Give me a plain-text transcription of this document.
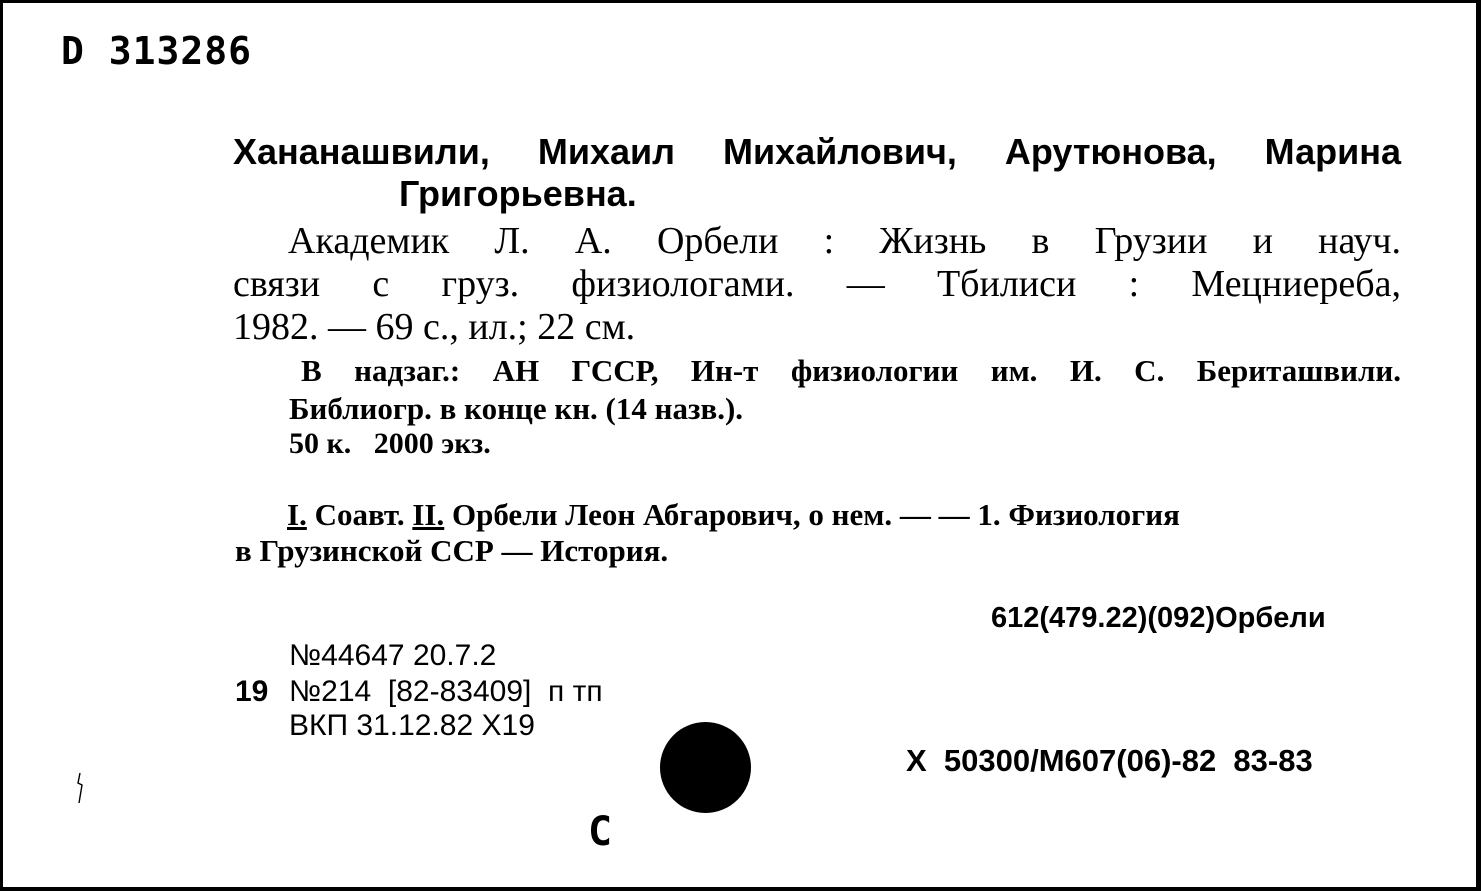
D 313286
Хананашвили, Михаил Михайлович, Арутюнова, Марина
Григорьевна.
Академик Л. А. Орбели : Жизнь в Грузии и науч.
связи с груз. физиологами. — Тбилиси : Мецниереба,
1982. — 69 с., ил.; 22 см.
В надзаг.: АН ГССР, Ин-т физиологии им. И. С. Бериташвили.
Библиогр. в конце кн. (14 назв.).
50 к.   2000 экз.
I. Соавт. II. Орбели Леон Абгарович, о нем. — — 1. Физиология
в Грузинской ССР — История.
612(479.22)(092)Орбели
№44647 20.7.2
19 №214  [82-83409]  п тп
ВКП 31.12.82 Х19
Х  50300/М607(06)-82  83-83
С
